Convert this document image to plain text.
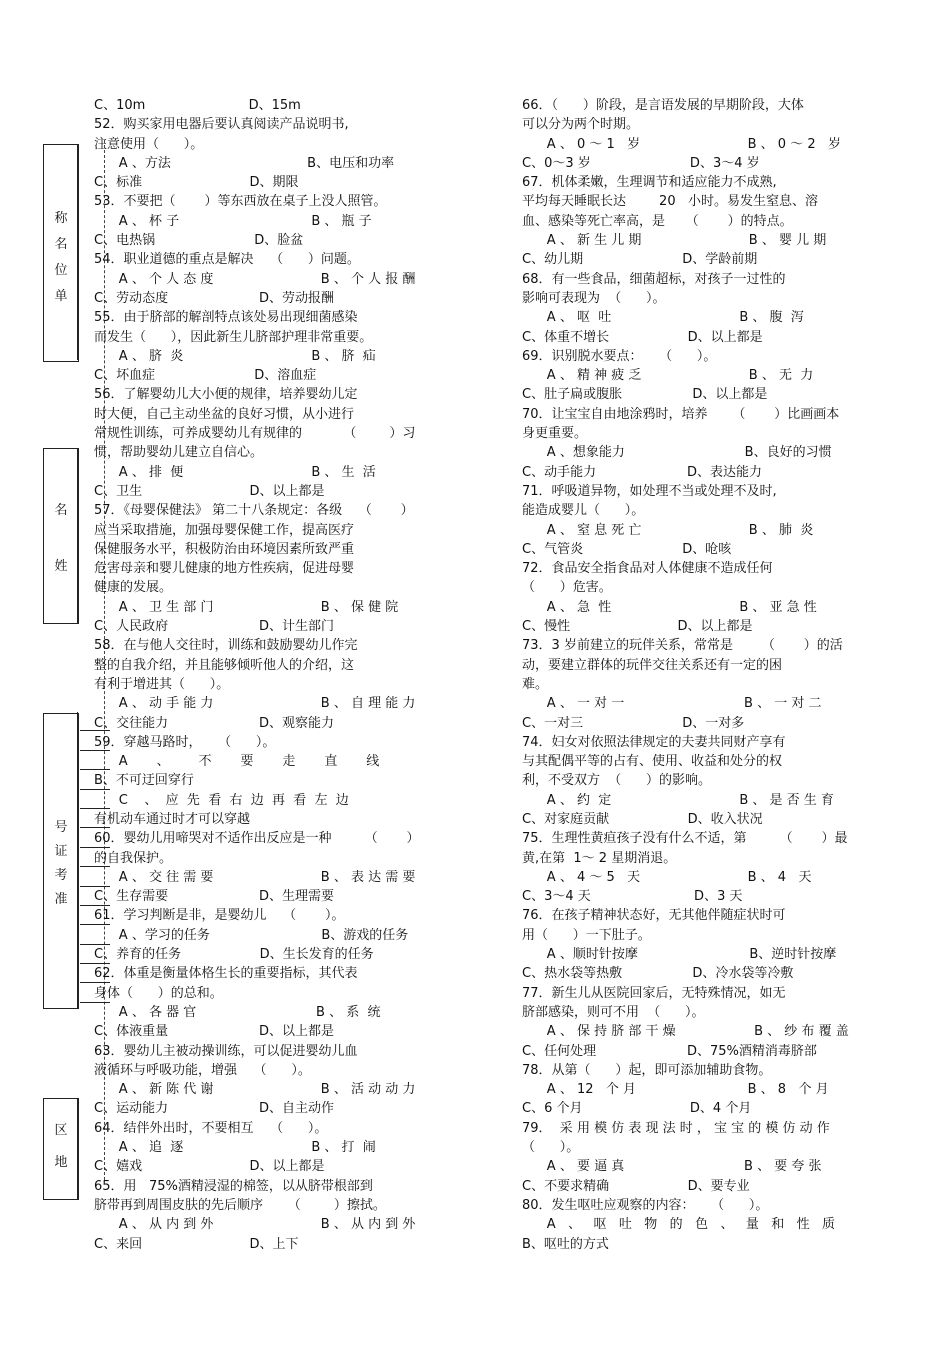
称
名
位
单
名
姓
号
证
考
准
区
地
C、10m                         D、15m
52．购买家用电器后要认真阅读产品说明书,
注意使用（      ）。
A 、方法                                 B、电压和功率
C、标准                          D、期限
53．不要把（       ）等东西放在桌子上没人照管。
A 、 杯 子                                B 、 瓶 子
C、电热锅                        D、脸盆
54．职业道德的重点是解决    （      ）问题。
A 、 个 人 态 度                          B 、 个 人 报 酬
C、劳动态度                      D、劳动报酬
55．由于脐部的解剖特点该处易出现细菌感染
而发生（      ），因此新生儿脐部护理非常重要。
A 、 脐  炎                               B 、 脐  疝
C、坏血症                        D、溶血症
56．了解婴幼儿大小便的规律，培养婴幼儿定
时大便，自己主动坐盆的良好习惯，从小进行
常规性训练，可养成婴幼儿有规律的          （        ）习
惯，帮助婴幼儿建立自信心。
A 、 排  便                               B 、 生  活
C、卫生                          D、以上都是
57．《母婴保健法》 第二十八条规定：各级    （       ）
应当采取措施，加强母婴保健工作，提高医疗
保健服务水平，积极防治由环境因素所致严重
危害母亲和婴儿健康的地方性疾病，促进母婴
健康的发展。
A 、 卫 生 部 门                          B 、 保 健 院
C、人民政府                      D、计生部门
58．在与他人交往时，训练和鼓励婴幼儿作完
整的自我介绍，并且能够倾听他人的介绍，这
有利于增进其（      ）。
A 、 动 手 能 力                          B 、 自 理 能 力
C、交往能力                      D、观察能力
59．穿越马路时，    （      ）。
A       、       不       要       走       直       线
B、不可迂回穿行
C    、  应  先  看  右  边  再  看  左  边
有机动车通过时才可以穿越
60．婴幼儿用啼哭对不适作出反应是一种        （       ）
的自我保护。
A 、 交 往 需 要                          B 、 表 达 需 要
C、生存需要                      D、生理需要
61．学习判断是非，是婴幼儿    （       ）。
A 、学习的任务                           B、游戏的任务
C、养育的任务                   D、生长发育的任务
62．体重是衡量体格生长的重要指标，其代表
身体（      ）的总和。
A 、 各 器 官                             B 、 系  统
C、体液重量                      D、以上都是
63．婴幼儿主被动操训练，可以促进婴幼儿血
液循环与呼吸功能，增强    （      ）。
A 、 新 陈 代 谢                          B 、 活 动 动 力
C、运动能力                      D、自主动作
64．结伴外出时，不要相互    （      ）。
A 、 追  逐                               B 、 打  闹
C、嬉戏                          D、以上都是
65．用   75%酒精浸湿的棉签，以从脐带根部到
脐带再到周围皮肤的先后顺序      （        ）擦拭。
A 、 从 内 到 外                          B 、 从 内 到 外
C、来回                          D、上下
66．（      ）阶段，是言语发展的早期阶段，大体
可以分为两个时期。
A 、 0 ～ 1   岁                          B 、 0 ～ 2   岁
C、0～3 岁                        D、3～4 岁
67．机体柔嫩，生理调节和适应能力不成熟,
平均每天睡眠长达        20   小时。易发生窒息、溶
血、感染等死亡率高，是     （       ）的特点。
A 、 新 生 儿 期                          B 、 婴 儿 期
C、幼儿期                        D、学龄前期
68．有一些食品，细菌超标，对孩子一过性的
影响可表现为  （      ）。
A 、 呕  吐                               B 、 腹  泻
C、体重不增长                   D、以上都是
69．识别脱水要点：    （      ）。
A 、 精 神 疲 乏                          B 、 无  力
C、肚子扁或腹胀                 D、以上都是
70．让宝宝自由地涂鸦时，培养      （       ）比画画本
身更重要。
A 、想象能力                             B、良好的习惯
C、动手能力                      D、表达能力
71．呼吸道异物，如处理不当或处理不及时,
能造成婴儿（      ）。
A 、 窒 息 死 亡                          B 、 肺  炎
C、气管炎                        D、呛咳
72．食品安全指食品对人体健康不造成任何
（      ）危害。
A 、 急  性                               B 、 亚 急 性
C、慢性                          D、以上都是
73．3 岁前建立的玩伴关系，常常是       （       ）的活
动，要建立群体的玩伴交往关系还有一定的困
难。
A 、 一 对 一                             B 、 一 对 二
C、一对三                        D、一对多
74．妇女对依照法律规定的夫妻共同财产享有
与其配偶平等的占有、使用、收益和处分的权
利，不受双方  （      ）的影响。
A 、 约  定                               B 、 是 否 生 育
C、对家庭贡献                   D、收入状况
75．生理性黄疸孩子没有什么不适，第        （       ）最
黄,在第  1～ 2 星期消退。
A 、 4 ～ 5   天                          B 、 4   天
C、3～4 天                         D、3 天
76．在孩子精神状态好，无其他伴随症状时可
用（      ）一下肚子。
A 、顺时针按摩                           B、逆时针按摩
C、热水袋等热敷                 D、冷水袋等冷敷
77．新生儿从医院回家后，无特殊情况，如无
脐部感染，则可不用  （      ）。
A 、 保 持 脐 部 干 燥                   B 、 纱 布 覆 盖
C、任何处理                      D、75%酒精消毒脐部
78．从第（      ）起，即可添加辅助食物。
A 、 12   个 月                           B 、 8   个 月
C、6 个月                          D、4 个月
79．  采 用 模 仿 表 现 法 时 ， 宝 宝 的 模 仿 动 作
（      ）。
A 、 要 逼 真                             B 、 要 夸 张
C、不要求精确                   D、要专业
80．发生呕吐应观察的内容：    （      ）。
A   、   呕   吐   物   的   色   、   量   和   性   质
B、呕吐的方式
